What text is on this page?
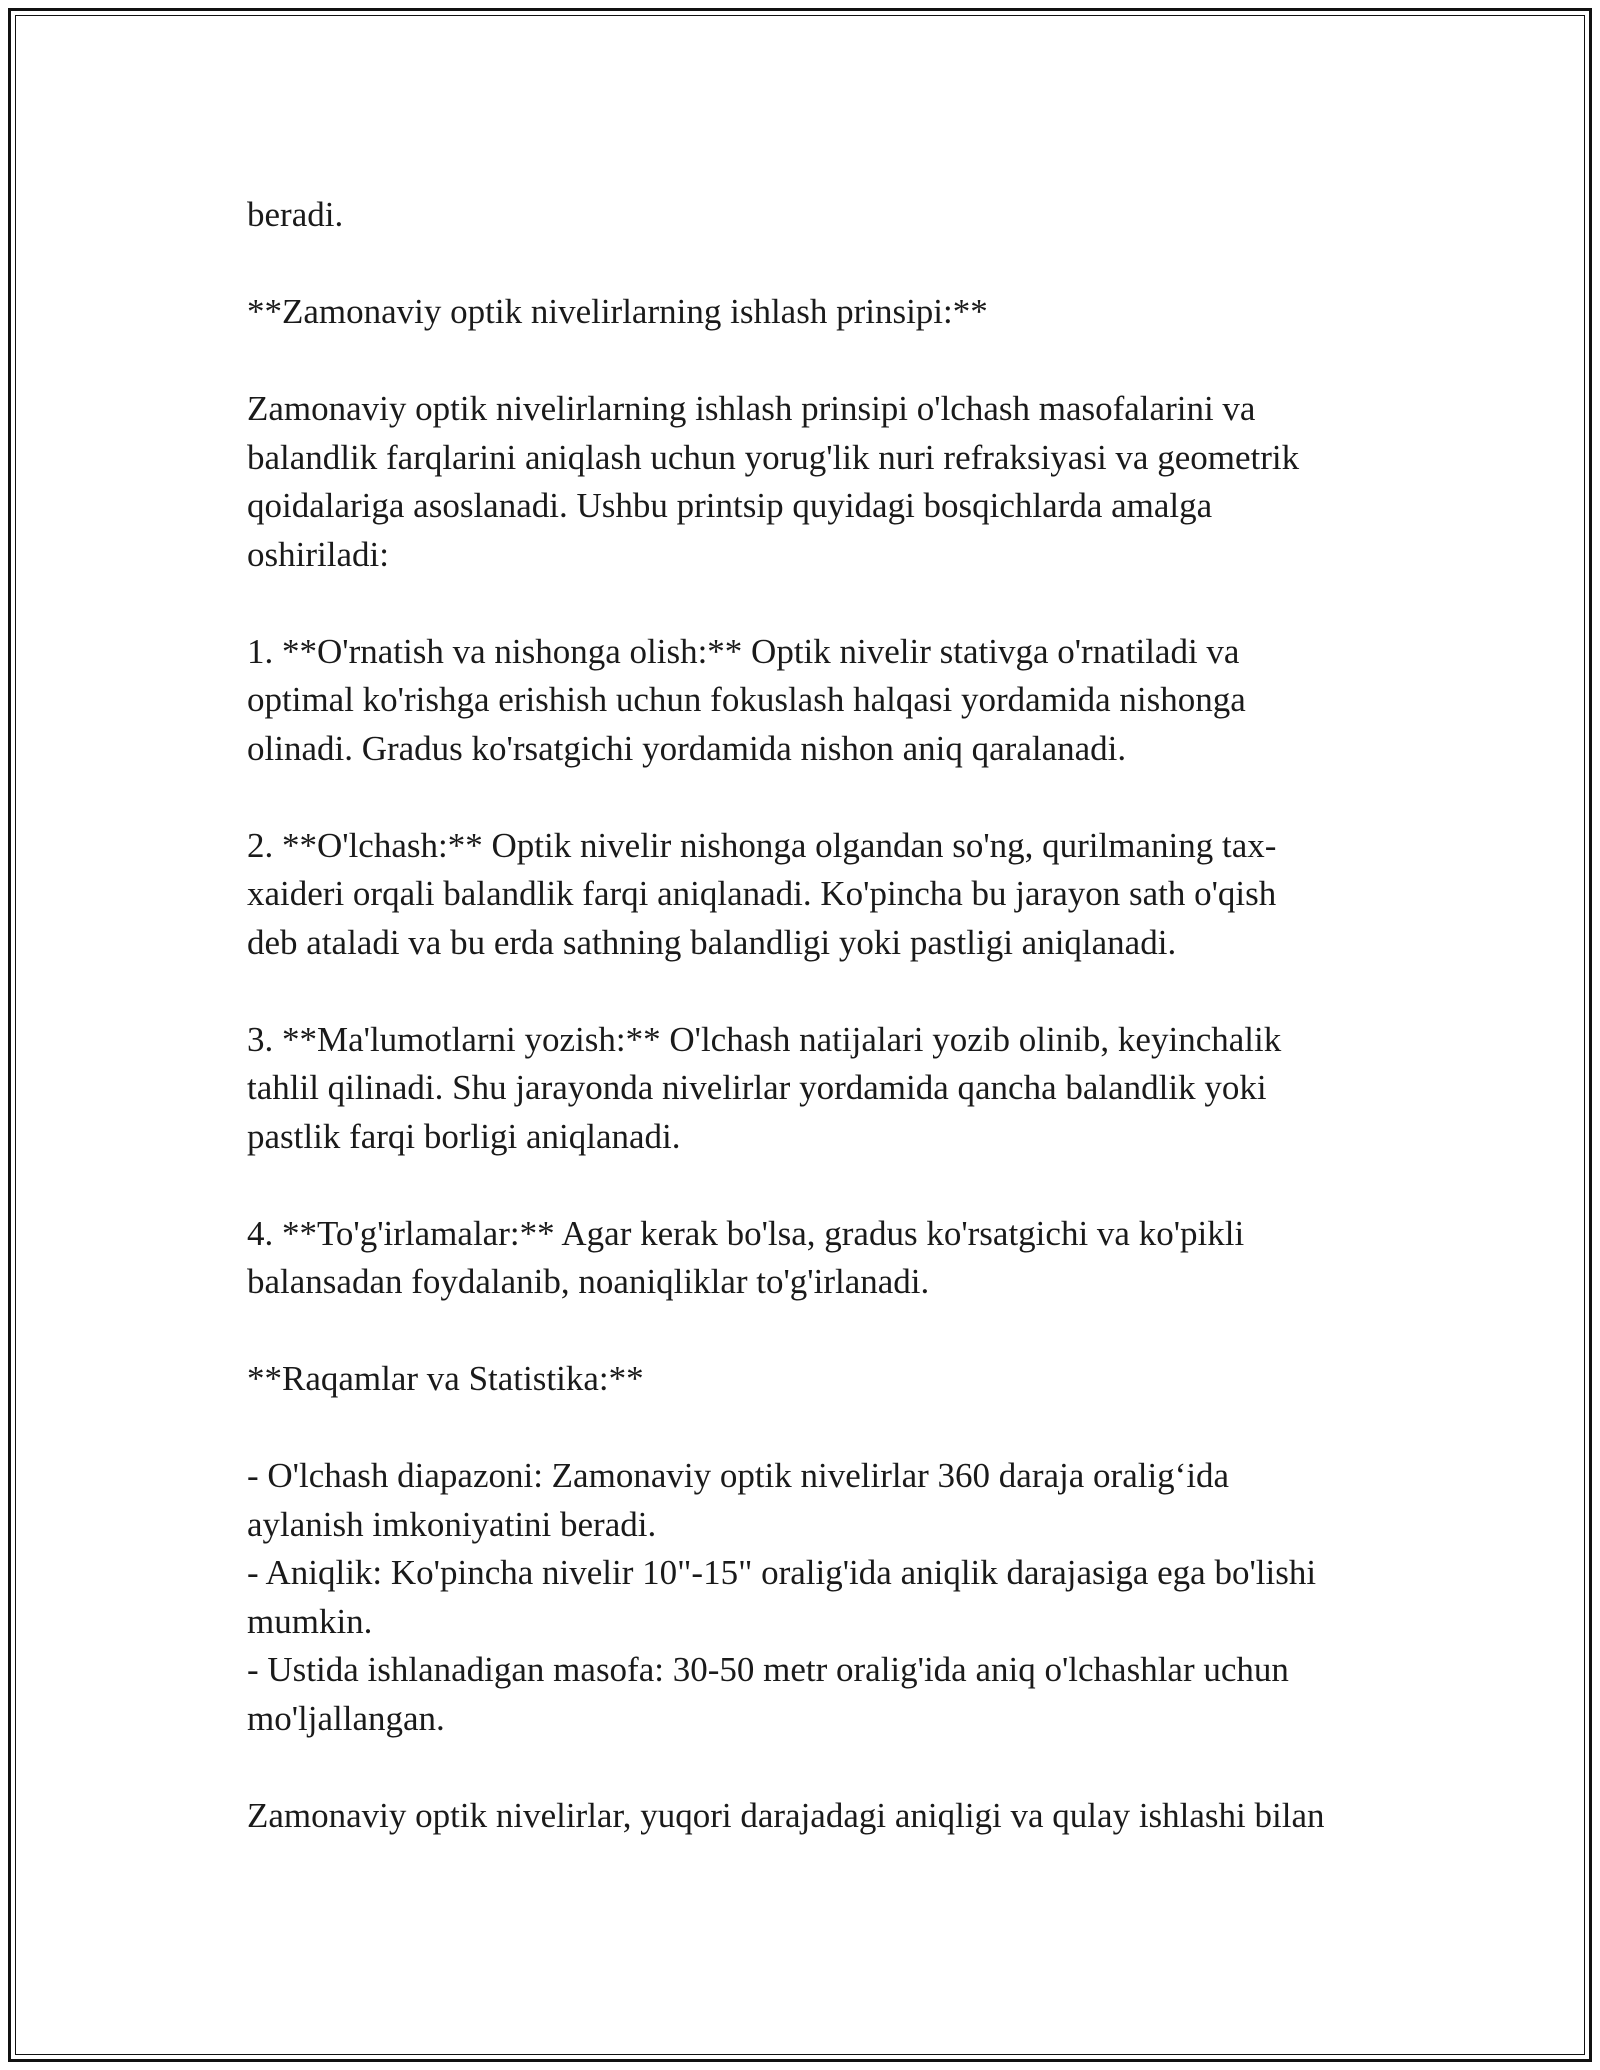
beradi.
**Zamonaviy optik nivelirlarning ishlash prinsipi:**
Zamonaviy optik nivelirlarning ishlash prinsipi o'lchash masofalarini va
balandlik farqlarini aniqlash uchun yorug'lik nuri refraksiyasi va geometrik
qoidalariga asoslanadi. Ushbu printsip quyidagi bosqichlarda amalga
oshiriladi:
1. **O'rnatish va nishonga olish:** Optik nivelir stativga o'rnatiladi va
optimal ko'rishga erishish uchun fokuslash halqasi yordamida nishonga
olinadi. Gradus ko'rsatgichi yordamida nishon aniq qaralanadi.
2. **O'lchash:** Optik nivelir nishonga olgandan so'ng, qurilmaning tax-
xaideri orqali balandlik farqi aniqlanadi. Ko'pincha bu jarayon sath o'qish
deb ataladi va bu erda sathning balandligi yoki pastligi aniqlanadi.
3. **Ma'lumotlarni yozish:** O'lchash natijalari yozib olinib, keyinchalik
tahlil qilinadi. Shu jarayonda nivelirlar yordamida qancha balandlik yoki
pastlik farqi borligi aniqlanadi.
4. **To'g'irlamalar:** Agar kerak bo'lsa, gradus ko'rsatgichi va ko'pikli
balansadan foydalanib, noaniqliklar to'g'irlanadi.
**Raqamlar va Statistika:**
- O'lchash diapazoni: Zamonaviy optik nivelirlar 360 daraja oralig‘ida
aylanish imkoniyatini beradi.
- Aniqlik: Ko'pincha nivelir 10"-15" oralig'ida aniqlik darajasiga ega bo'lishi
mumkin.
- Ustida ishlanadigan masofa: 30-50 metr oralig'ida aniq o'lchashlar uchun
mo'ljallangan.
Zamonaviy optik nivelirlar, yuqori darajadagi aniqligi va qulay ishlashi bilan
